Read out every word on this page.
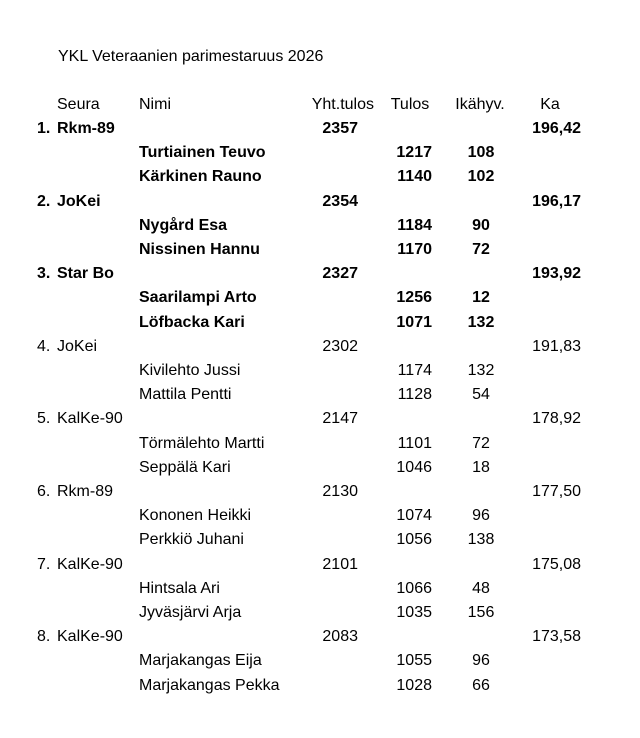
YKL Veteraanien parimestaruus 2026
Seura Nimi	Yht.tulos Tulos Ikähyv.	Ka
1. Rkm-89	2357	196,42
Turtiainen Teuvo	1217	108
Kärkinen Rauno	1140	102
2. JoKei	2354	196,17
Nygård Esa	1184	90
Nissinen Hannu	1170	72
3. Star Bo	2327	193,92
Saarilampi Arto	1256	12
Löfbacka Kari	1071	132
4. JoKei	2302	191,83
Kivilehto Jussi	1174	132
Mattila Pentti	1128	54
5. KalKe-90	2147	178,92
Törmälehto Martti	1101	72
Seppälä Kari	1046	18
6. Rkm-89	2130	177,50
Kononen Heikki	1074	96
Perkkiö Juhani	1056	138
7. KalKe-90	2101	175,08
Hintsala Ari	1066	48
Jyväsjärvi Arja	1035	156
8. KalKe-90	2083	173,58
Marjakangas Eija	1055	96
Marjakangas Pekka	1028	66
